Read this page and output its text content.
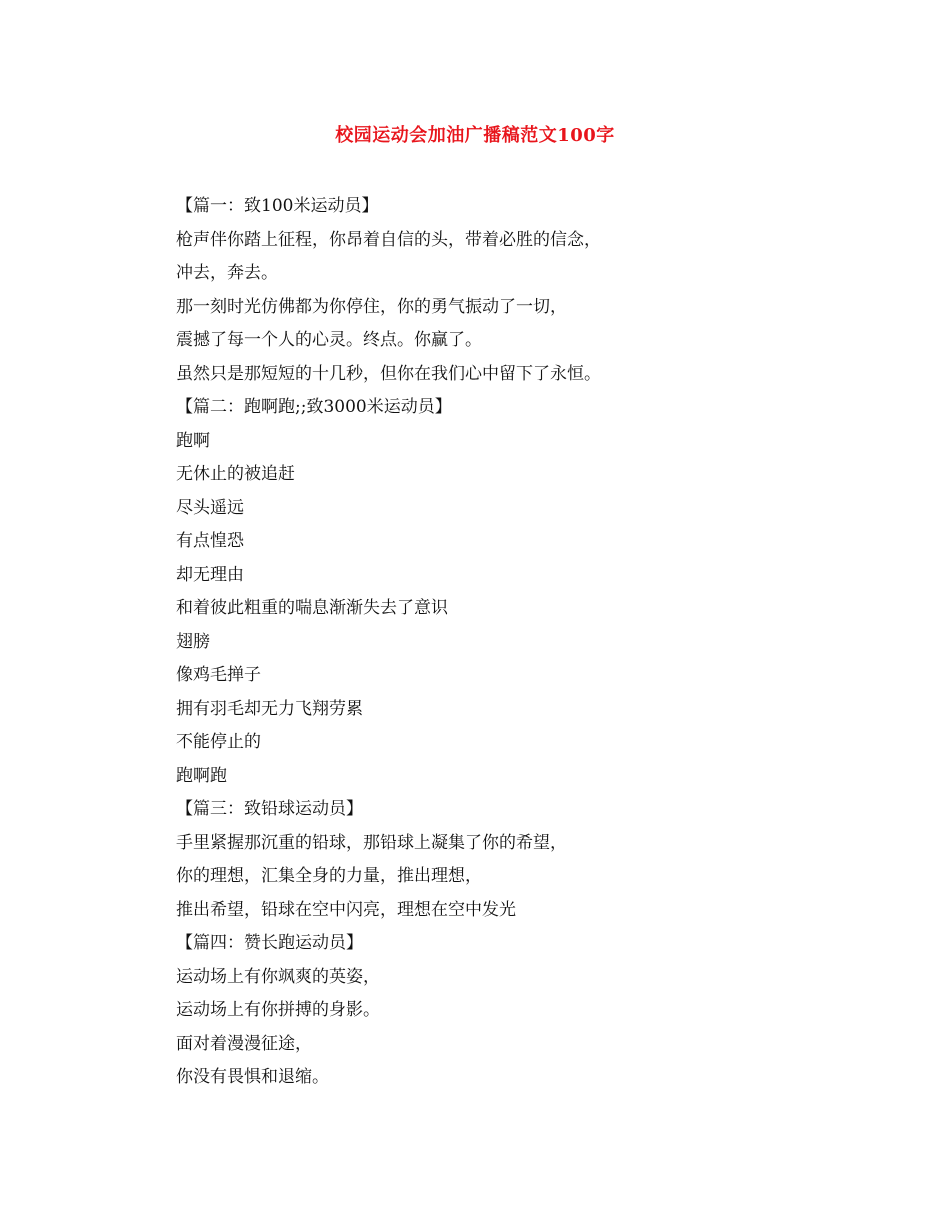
校园运动会加油广播稿范文100字
【篇一：致100米运动员】
枪声伴你踏上征程，你昂着自信的头，带着必胜的信念，
冲去，奔去。
那一刻时光仿佛都为你停住，你的勇气振动了一切，
震撼了每一个人的心灵。终点。你赢了。
虽然只是那短短的十几秒，但你在我们心中留下了永恒。
【篇二：跑啊跑;;致3000米运动员】
跑啊
无休止的被追赶
尽头遥远
有点惶恐
却无理由
和着彼此粗重的喘息渐渐失去了意识
翅膀
像鸡毛掸子
拥有羽毛却无力飞翔劳累
不能停止的
跑啊跑
【篇三：致铅球运动员】
手里紧握那沉重的铅球，那铅球上凝集了你的希望，
你的理想，汇集全身的力量，推出理想，
推出希望，铅球在空中闪亮，理想在空中发光
【篇四：赞长跑运动员】
运动场上有你飒爽的英姿，
运动场上有你拼搏的身影。
面对着漫漫征途，
你没有畏惧和退缩。
